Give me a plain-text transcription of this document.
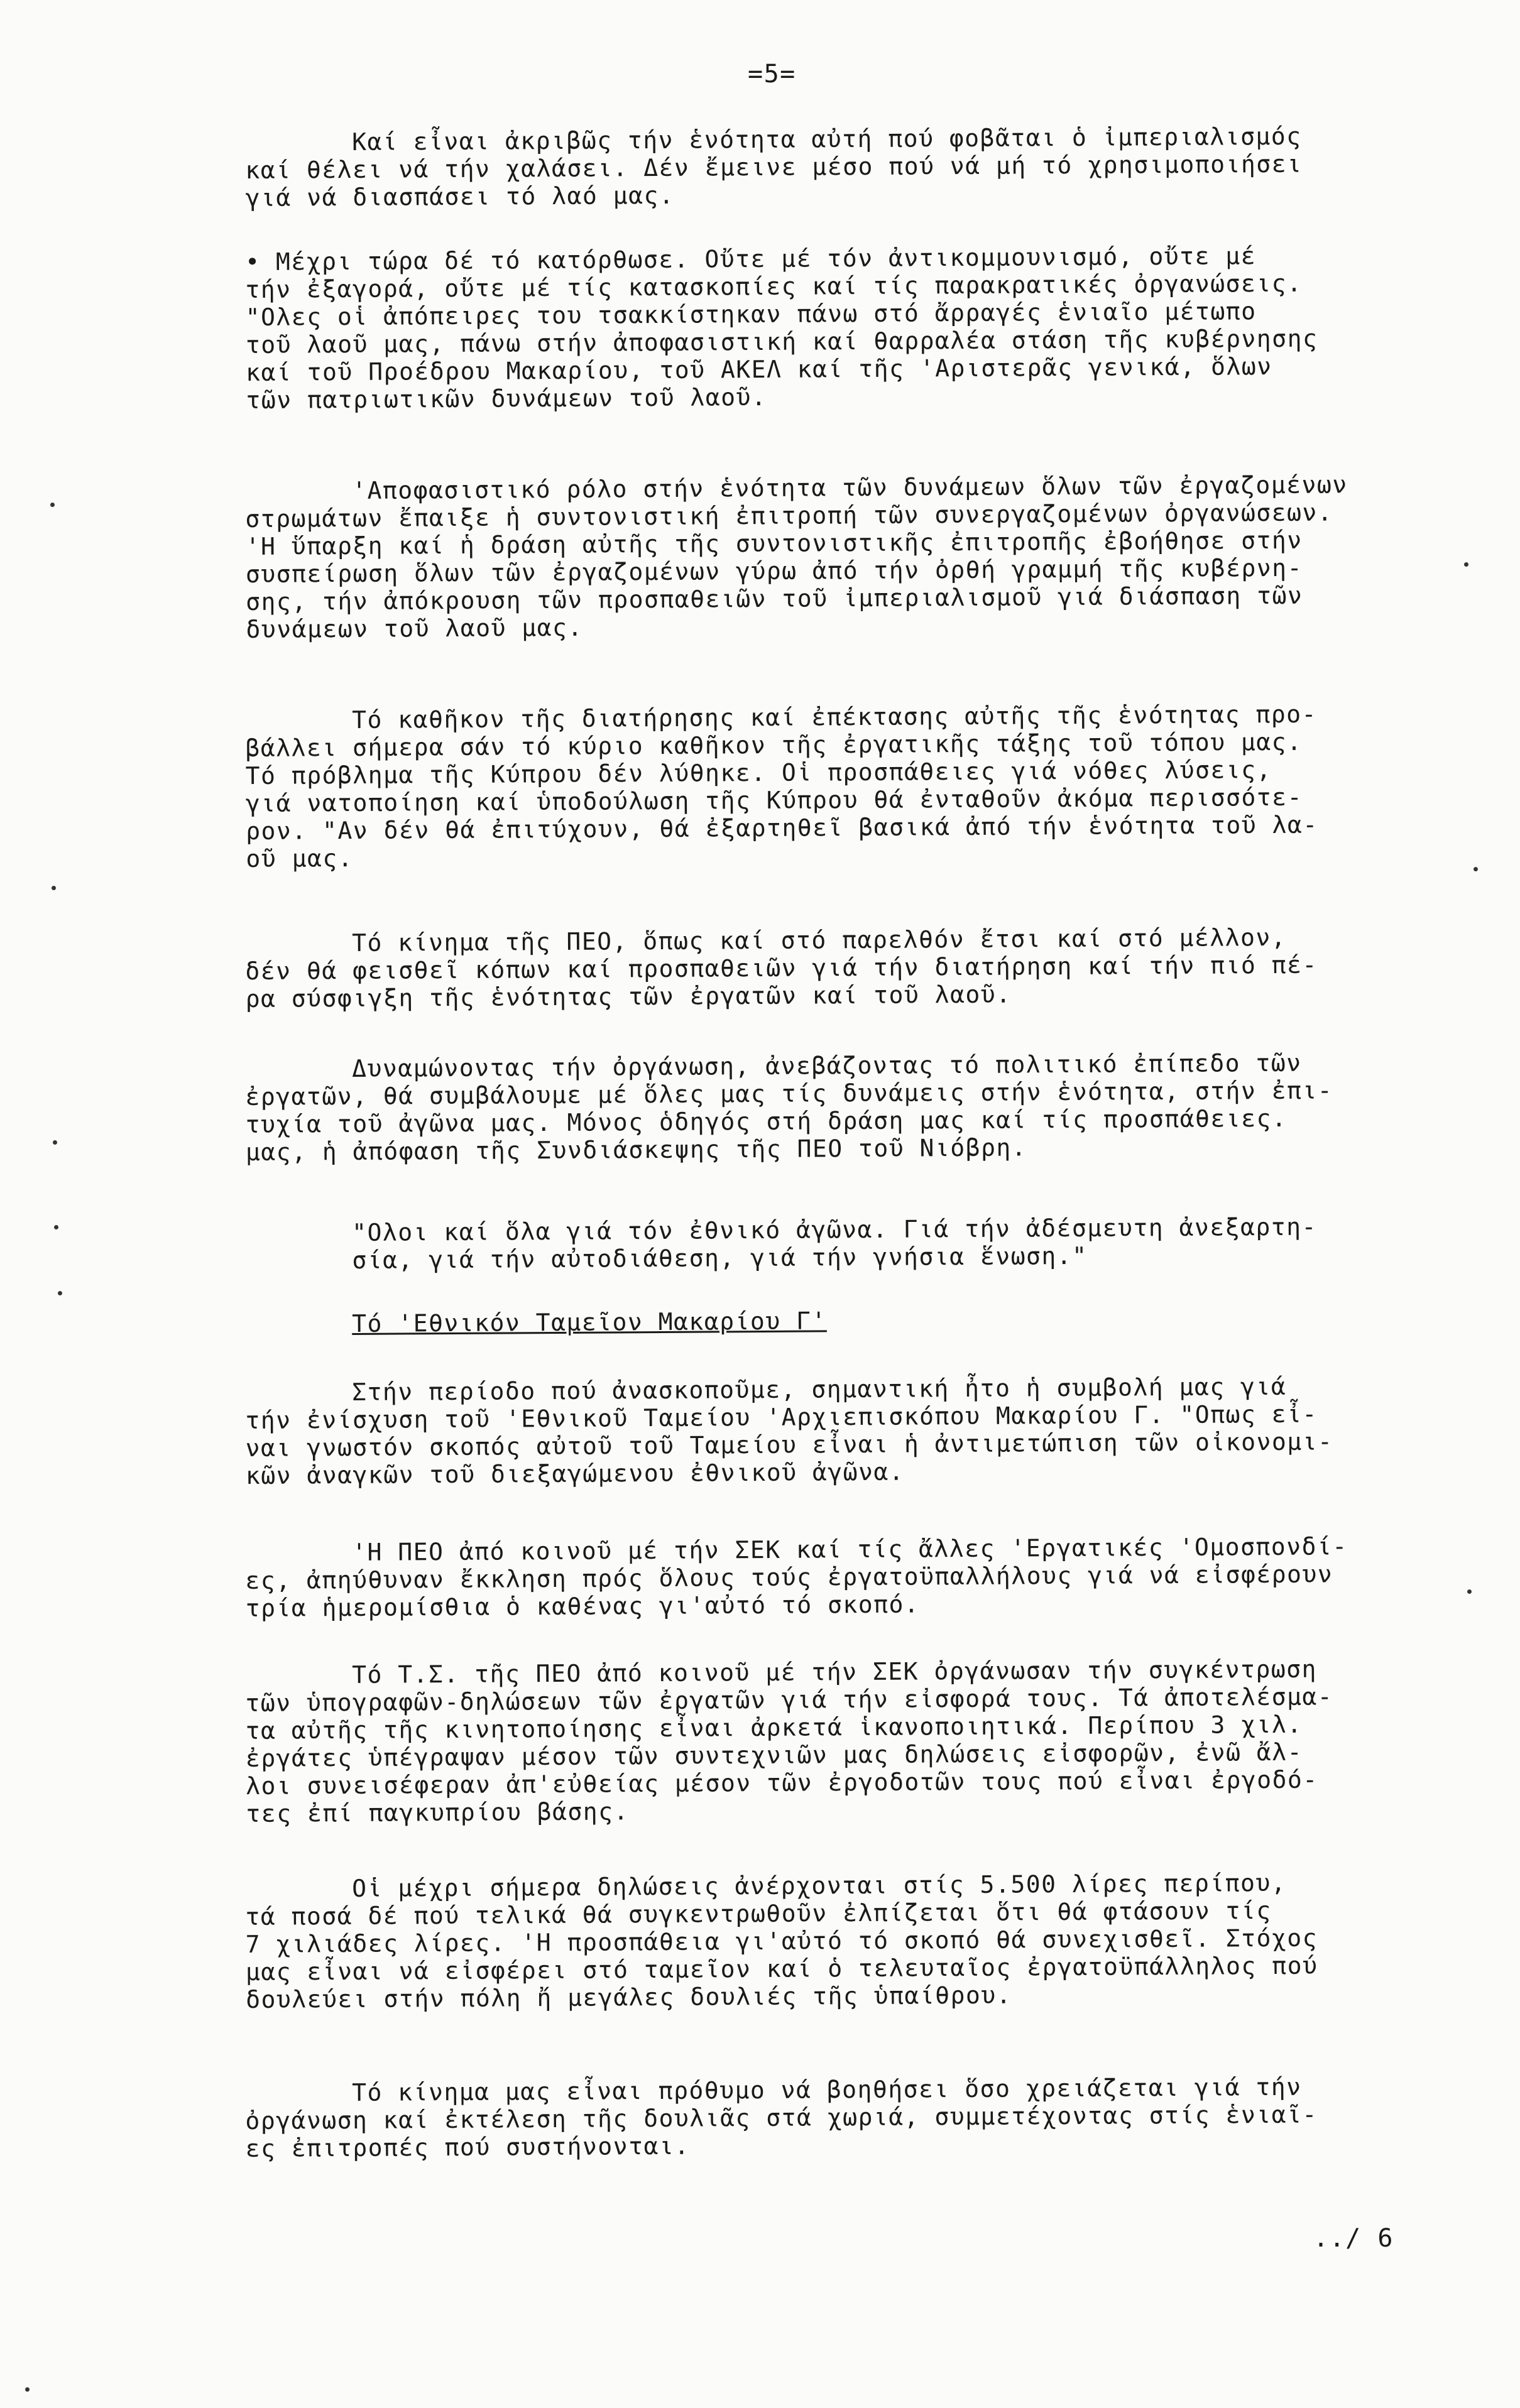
=5=

Καί εἶναι ἀκριβῶς τήν ἑνότητα αὐτή πού φοβᾶται ὁ ἰμπεριαλισμός
καί θέλει νά τήν χαλάσει. Δέν ἔμεινε μέσο πού νά μή τό χρησιμοποιήσει
γιά νά διασπάσει τό λαό μας.

• Μέχρι τώρα δέ τό κατόρθωσε. Οὔτε μέ τόν ἀντικομμουνισμό, οὔτε μέ
τήν ἐξαγορά, οὔτε μέ τίς κατασκοπίες καί τίς παρακρατικές ὀργανώσεις.
"Ολες οἱ ἀπόπειρες του τσακκίστηκαν πάνω στό ἄρραγές ἑνιαῖο μέτωπο
τοῦ λαοῦ μας, πάνω στήν ἀποφασιστική καί θαρραλέα στάση τῆς κυβέρνησης
καί τοῦ Προέδρου Μακαρίου, τοῦ ΑΚΕΛ καί τῆς 'Αριστερᾶς γενικά, ὅλων
τῶν πατριωτικῶν δυνάμεων τοῦ λαοῦ.

'Αποφασιστικό ρόλο στήν ἑνότητα τῶν δυνάμεων ὅλων τῶν ἐργαζομένων
στρωμάτων ἔπαιξε ἡ συντονιστική ἐπιτροπή τῶν συνεργαζομένων ὀργανώσεων.
'Η ὕπαρξη καί ἡ δράση αὐτῆς τῆς συντονιστικῆς ἐπιτροπῆς ἐβοήθησε στήν
συσπείρωση ὅλων τῶν ἐργαζομένων γύρω ἀπό τήν ὀρθή γραμμή τῆς κυβέρνη-
σης, τήν ἀπόκρουση τῶν προσπαθειῶν τοῦ ἰμπεριαλισμοῦ γιά διάσπαση τῶν
δυνάμεων τοῦ λαοῦ μας.

Τό καθῆκον τῆς διατήρησης καί ἐπέκτασης αὐτῆς τῆς ἑνότητας προ-
βάλλει σήμερα σάν τό κύριο καθῆκον τῆς ἐργατικῆς τάξης τοῦ τόπου μας.
Τό πρόβλημα τῆς Κύπρου δέν λύθηκε. Οἱ προσπάθειες γιά νόθες λύσεις,
γιά νατοποίηση καί ὑποδούλωση τῆς Κύπρου θά ἐνταθοῦν ἀκόμα περισσότε-
ρον. "Αν δέν θά ἐπιτύχουν, θά ἐξαρτηθεῖ βασικά ἀπό τήν ἑνότητα τοῦ λα-
οῦ μας.

Τό κίνημα τῆς ΠΕΟ, ὅπως καί στό παρελθόν ἔτσι καί στό μέλλον,
δέν θά φεισθεῖ κόπων καί προσπαθειῶν γιά τήν διατήρηση καί τήν πιό πέ-
ρα σύσφιγξη τῆς ἑνότητας τῶν ἐργατῶν καί τοῦ λαοῦ.

Δυναμώνοντας τήν ὀργάνωση, ἀνεβάζοντας τό πολιτικό ἐπίπεδο τῶν
ἐργατῶν, θά συμβάλουμε μέ ὅλες μας τίς δυνάμεις στήν ἑνότητα, στήν ἐπι-
τυχία τοῦ ἀγῶνα μας. Μόνος ὁδηγός στή δράση μας καί τίς προσπάθειες.
μας, ἡ ἀπόφαση τῆς Συνδιάσκεψης τῆς ΠΕΟ τοῦ Νιόβρη.

"Ολοι καί ὅλα γιά τόν ἐθνικό ἀγῶνα. Γιά τήν ἀδέσμευτη ἀνεξαρτη-
σία, γιά τήν αὐτοδιάθεση, γιά τήν γνήσια ἕνωση."

Τό 'Εθνικόν Ταμεῖον Μακαρίου Γ'

Στήν περίοδο πού ἀνασκοποῦμε, σημαντική ἦτο ἡ συμβολή μας γιά
τήν ἐνίσχυση τοῦ 'Εθνικοῦ Ταμείου 'Αρχιεπισκόπου Μακαρίου Γ. "Οπως εἶ-
ναι γνωστόν σκοπός αὐτοῦ τοῦ Ταμείου εἶναι ἡ ἀντιμετώπιση τῶν οἰκονομι-
κῶν ἀναγκῶν τοῦ διεξαγώμενου ἐθνικοῦ ἀγῶνα.

'Η ΠΕΟ ἀπό κοινοῦ μέ τήν ΣΕΚ καί τίς ἄλλες 'Εργατικές 'Ομοσπονδί-
ες, ἀπηύθυναν ἔκκληση πρός ὅλους τούς ἐργατοϋπαλλήλους γιά νά εἰσφέρουν
τρία ἡμερομίσθια ὁ καθένας γι'αὐτό τό σκοπό.

Τό Τ.Σ. τῆς ΠΕΟ ἀπό κοινοῦ μέ τήν ΣΕΚ ὀργάνωσαν τήν συγκέντρωση
τῶν ὑπογραφῶν-δηλώσεων τῶν ἐργατῶν γιά τήν εἰσφορά τους. Τά ἀποτελέσμα-
τα αὐτῆς τῆς κινητοποίησης εἶναι ἀρκετά ἱκανοποιητικά. Περίπου 3 χιλ.
ἐργάτες ὑπέγραψαν μέσον τῶν συντεχνιῶν μας δηλώσεις εἰσφορῶν, ἐνῶ ἄλ-
λοι συνεισέφεραν ἀπ'εὐθείας μέσον τῶν ἐργοδοτῶν τους πού εἶναι ἐργοδό-
τες ἐπί παγκυπρίου βάσης.

Οἱ μέχρι σήμερα δηλώσεις ἀνέρχονται στίς 5.500 λίρες περίπου,
τά ποσά δέ πού τελικά θά συγκεντρωθοῦν ἐλπίζεται ὅτι θά φτάσουν τίς
7 χιλιάδες λίρες. 'Η προσπάθεια γι'αὐτό τό σκοπό θά συνεχισθεῖ. Στόχος
μας εἶναι νά εἰσφέρει στό ταμεῖον καί ὁ τελευταῖος ἐργατοϋπάλληλος πού
δουλεύει στήν πόλη ἤ μεγάλες δουλιές τῆς ὑπαίθρου.

Τό κίνημα μας εἶναι πρόθυμο νά βοηθήσει ὅσο χρειάζεται γιά τήν
ὀργάνωση καί ἐκτέλεση τῆς δουλιᾶς στά χωριά, συμμετέχοντας στίς ἑνιαῖ-
ες ἐπιτροπές πού συστήνονται.

../ 6
